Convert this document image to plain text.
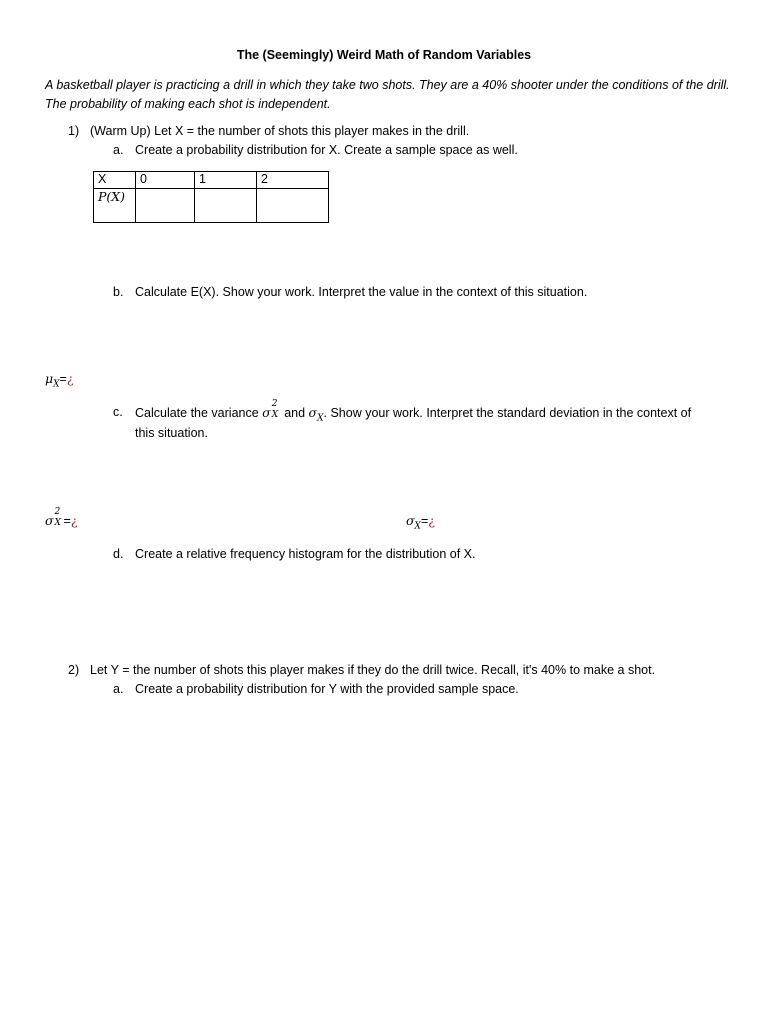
The (Seemingly) Weird Math of Random Variables
A basketball player is practicing a drill in which they take two shots. They are a 40% shooter under the conditions of the drill. The probability of making each shot is independent.
1) (Warm Up) Let X = the number of shots this player makes in the drill.
a. Create a probability distribution for X. Create a sample space as well.
X	0	1	2
P(X)			
b. Calculate E(X). Show your work. Interpret the value in the context of this situation.
$\mu_X=¿$
c. Calculate the variance σ
2
X and $\sigma_X$. Show your work. Interpret the standard deviation in the context of
this situation.
σ
2
X =¿	$\sigma_X=¿$
d. Create a relative frequency histogram for the distribution of X.
2) Let Y = the number of shots this player makes if they do the drill twice. Recall, it's 40% to make a shot.
a. Create a probability distribution for Y with the provided sample space.
